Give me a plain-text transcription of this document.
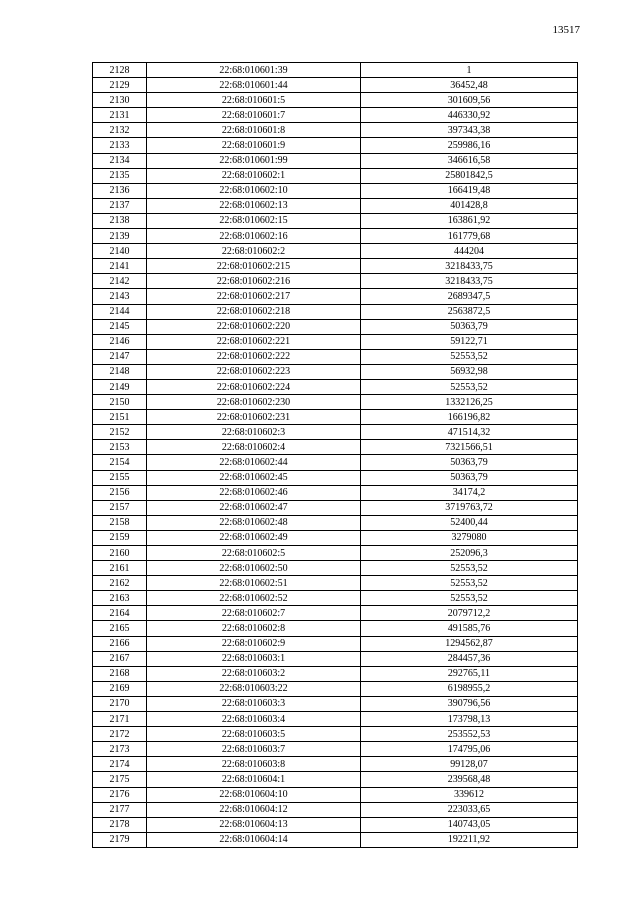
13517
2128	22:68:010601:39	1
2129	22:68:010601:44	36452,48
2130	22:68:010601:5	301609,56
2131	22:68:010601:7	446330,92
2132	22:68:010601:8	397343,38
2133	22:68:010601:9	259986,16
2134	22:68:010601:99	346616,58
2135	22:68:010602:1	25801842,5
2136	22:68:010602:10	166419,48
2137	22:68:010602:13	401428,8
2138	22:68:010602:15	163861,92
2139	22:68:010602:16	161779,68
2140	22:68:010602:2	444204
2141	22:68:010602:215	3218433,75
2142	22:68:010602:216	3218433,75
2143	22:68:010602:217	2689347,5
2144	22:68:010602:218	2563872,5
2145	22:68:010602:220	50363,79
2146	22:68:010602:221	59122,71
2147	22:68:010602:222	52553,52
2148	22:68:010602:223	56932,98
2149	22:68:010602:224	52553,52
2150	22:68:010602:230	1332126,25
2151	22:68:010602:231	166196,82
2152	22:68:010602:3	471514,32
2153	22:68:010602:4	7321566,51
2154	22:68:010602:44	50363,79
2155	22:68:010602:45	50363,79
2156	22:68:010602:46	34174,2
2157	22:68:010602:47	3719763,72
2158	22:68:010602:48	52400,44
2159	22:68:010602:49	3279080
2160	22:68:010602:5	252096,3
2161	22:68:010602:50	52553,52
2162	22:68:010602:51	52553,52
2163	22:68:010602:52	52553,52
2164	22:68:010602:7	2079712,2
2165	22:68:010602:8	491585,76
2166	22:68:010602:9	1294562,87
2167	22:68:010603:1	284457,36
2168	22:68:010603:2	292765,11
2169	22:68:010603:22	6198955,2
2170	22:68:010603:3	390796,56
2171	22:68:010603:4	173798,13
2172	22:68:010603:5	253552,53
2173	22:68:010603:7	174795,06
2174	22:68:010603:8	99128,07
2175	22:68:010604:1	239568,48
2176	22:68:010604:10	339612
2177	22:68:010604:12	223033,65
2178	22:68:010604:13	140743,05
2179	22:68:010604:14	192211,92
